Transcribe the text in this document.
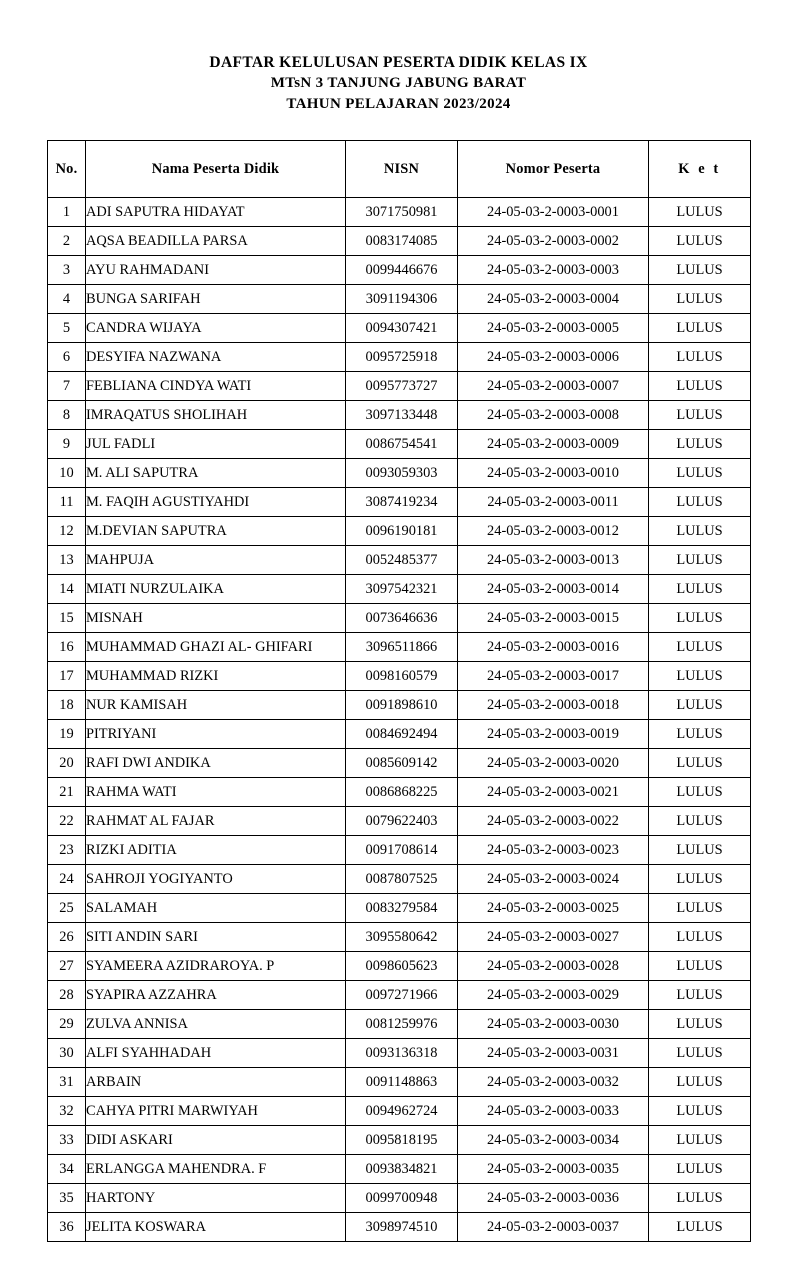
DAFTAR KELULUSAN PESERTA DIDIK KELAS IX
MTsN 3 TANJUNG JABUNG BARAT
TAHUN PELAJARAN 2023/2024
No.	Nama Peserta Didik	NISN	Nomor Peserta	K e t
1	ADI SAPUTRA HIDAYAT	3071750981	24-05-03-2-0003-0001	LULUS
2	AQSA BEADILLA PARSA	0083174085	24-05-03-2-0003-0002	LULUS
3	AYU RAHMADANI	0099446676	24-05-03-2-0003-0003	LULUS
4	BUNGA SARIFAH	3091194306	24-05-03-2-0003-0004	LULUS
5	CANDRA WIJAYA	0094307421	24-05-03-2-0003-0005	LULUS
6	DESYIFA NAZWANA	0095725918	24-05-03-2-0003-0006	LULUS
7	FEBLIANA CINDYA WATI	0095773727	24-05-03-2-0003-0007	LULUS
8	IMRAQATUS SHOLIHAH	3097133448	24-05-03-2-0003-0008	LULUS
9	JUL FADLI	0086754541	24-05-03-2-0003-0009	LULUS
10	M. ALI SAPUTRA	0093059303	24-05-03-2-0003-0010	LULUS
11	M. FAQIH AGUSTIYAHDI	3087419234	24-05-03-2-0003-0011	LULUS
12	M.DEVIAN SAPUTRA	0096190181	24-05-03-2-0003-0012	LULUS
13	MAHPUJA	0052485377	24-05-03-2-0003-0013	LULUS
14	MIATI NURZULAIKA	3097542321	24-05-03-2-0003-0014	LULUS
15	MISNAH	0073646636	24-05-03-2-0003-0015	LULUS
16	MUHAMMAD GHAZI AL- GHIFARI	3096511866	24-05-03-2-0003-0016	LULUS
17	MUHAMMAD RIZKI	0098160579	24-05-03-2-0003-0017	LULUS
18	NUR KAMISAH	0091898610	24-05-03-2-0003-0018	LULUS
19	PITRIYANI	0084692494	24-05-03-2-0003-0019	LULUS
20	RAFI DWI ANDIKA	0085609142	24-05-03-2-0003-0020	LULUS
21	RAHMA WATI	0086868225	24-05-03-2-0003-0021	LULUS
22	RAHMAT AL FAJAR	0079622403	24-05-03-2-0003-0022	LULUS
23	RIZKI ADITIA	0091708614	24-05-03-2-0003-0023	LULUS
24	SAHROJI YOGIYANTO	0087807525	24-05-03-2-0003-0024	LULUS
25	SALAMAH	0083279584	24-05-03-2-0003-0025	LULUS
26	SITI ANDIN SARI	3095580642	24-05-03-2-0003-0027	LULUS
27	SYAMEERA AZIDRAROYA. P	0098605623	24-05-03-2-0003-0028	LULUS
28	SYAPIRA AZZAHRA	0097271966	24-05-03-2-0003-0029	LULUS
29	ZULVA ANNISA	0081259976	24-05-03-2-0003-0030	LULUS
30	ALFI SYAHHADAH	0093136318	24-05-03-2-0003-0031	LULUS
31	ARBAIN	0091148863	24-05-03-2-0003-0032	LULUS
32	CAHYA PITRI MARWIYAH	0094962724	24-05-03-2-0003-0033	LULUS
33	DIDI ASKARI	0095818195	24-05-03-2-0003-0034	LULUS
34	ERLANGGA MAHENDRA. F	0093834821	24-05-03-2-0003-0035	LULUS
35	HARTONY	0099700948	24-05-03-2-0003-0036	LULUS
36	JELITA KOSWARA	3098974510	24-05-03-2-0003-0037	LULUS
